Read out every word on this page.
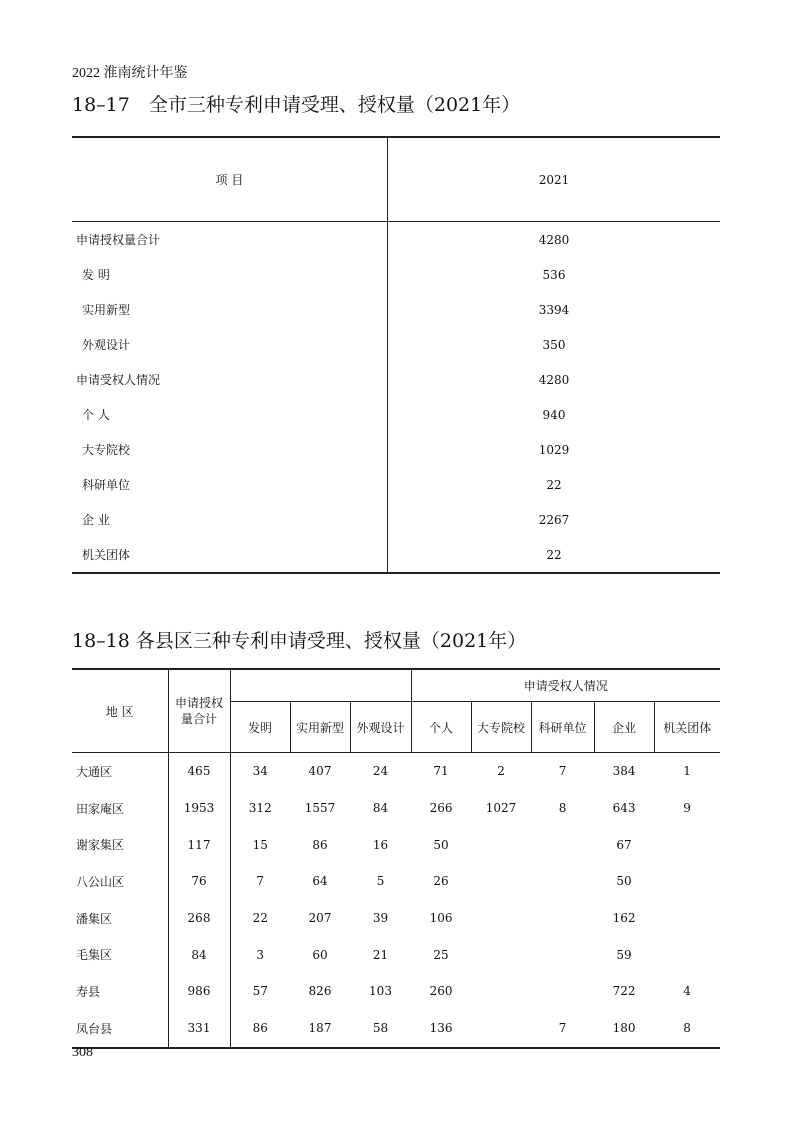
2022 淮南统计年鉴
18–17　全市三种专利申请受理、授权量（2021年）
项 目	2021
申请授权量合计	4280
发 明	536
实用新型	3394
外观设计	350
申请受权人情况	4280
个 人	940
大专院校	1029
科研单位	22
企 业	2267
机关团体	22
18–18 各县区三种专利申请受理、授权量（2021年）
地 区	申请授权量合计				申请受权人情况				
		发明	实用新型	外观设计	个人	大专院校	科研单位	企业	机关团体
大通区	465	34	407	24	71	2	7	384	1
田家庵区	1953	312	1557	84	266	1027	8	643	9
谢家集区	117	15	86	16	50			67	
八公山区	76	7	64	5	26			50	
潘集区	268	22	207	39	106			162	
毛集区	84	3	60	21	25			59	
寿县	986	57	826	103	260			722	4
凤台县	331	86	187	58	136		7	180	8
308
